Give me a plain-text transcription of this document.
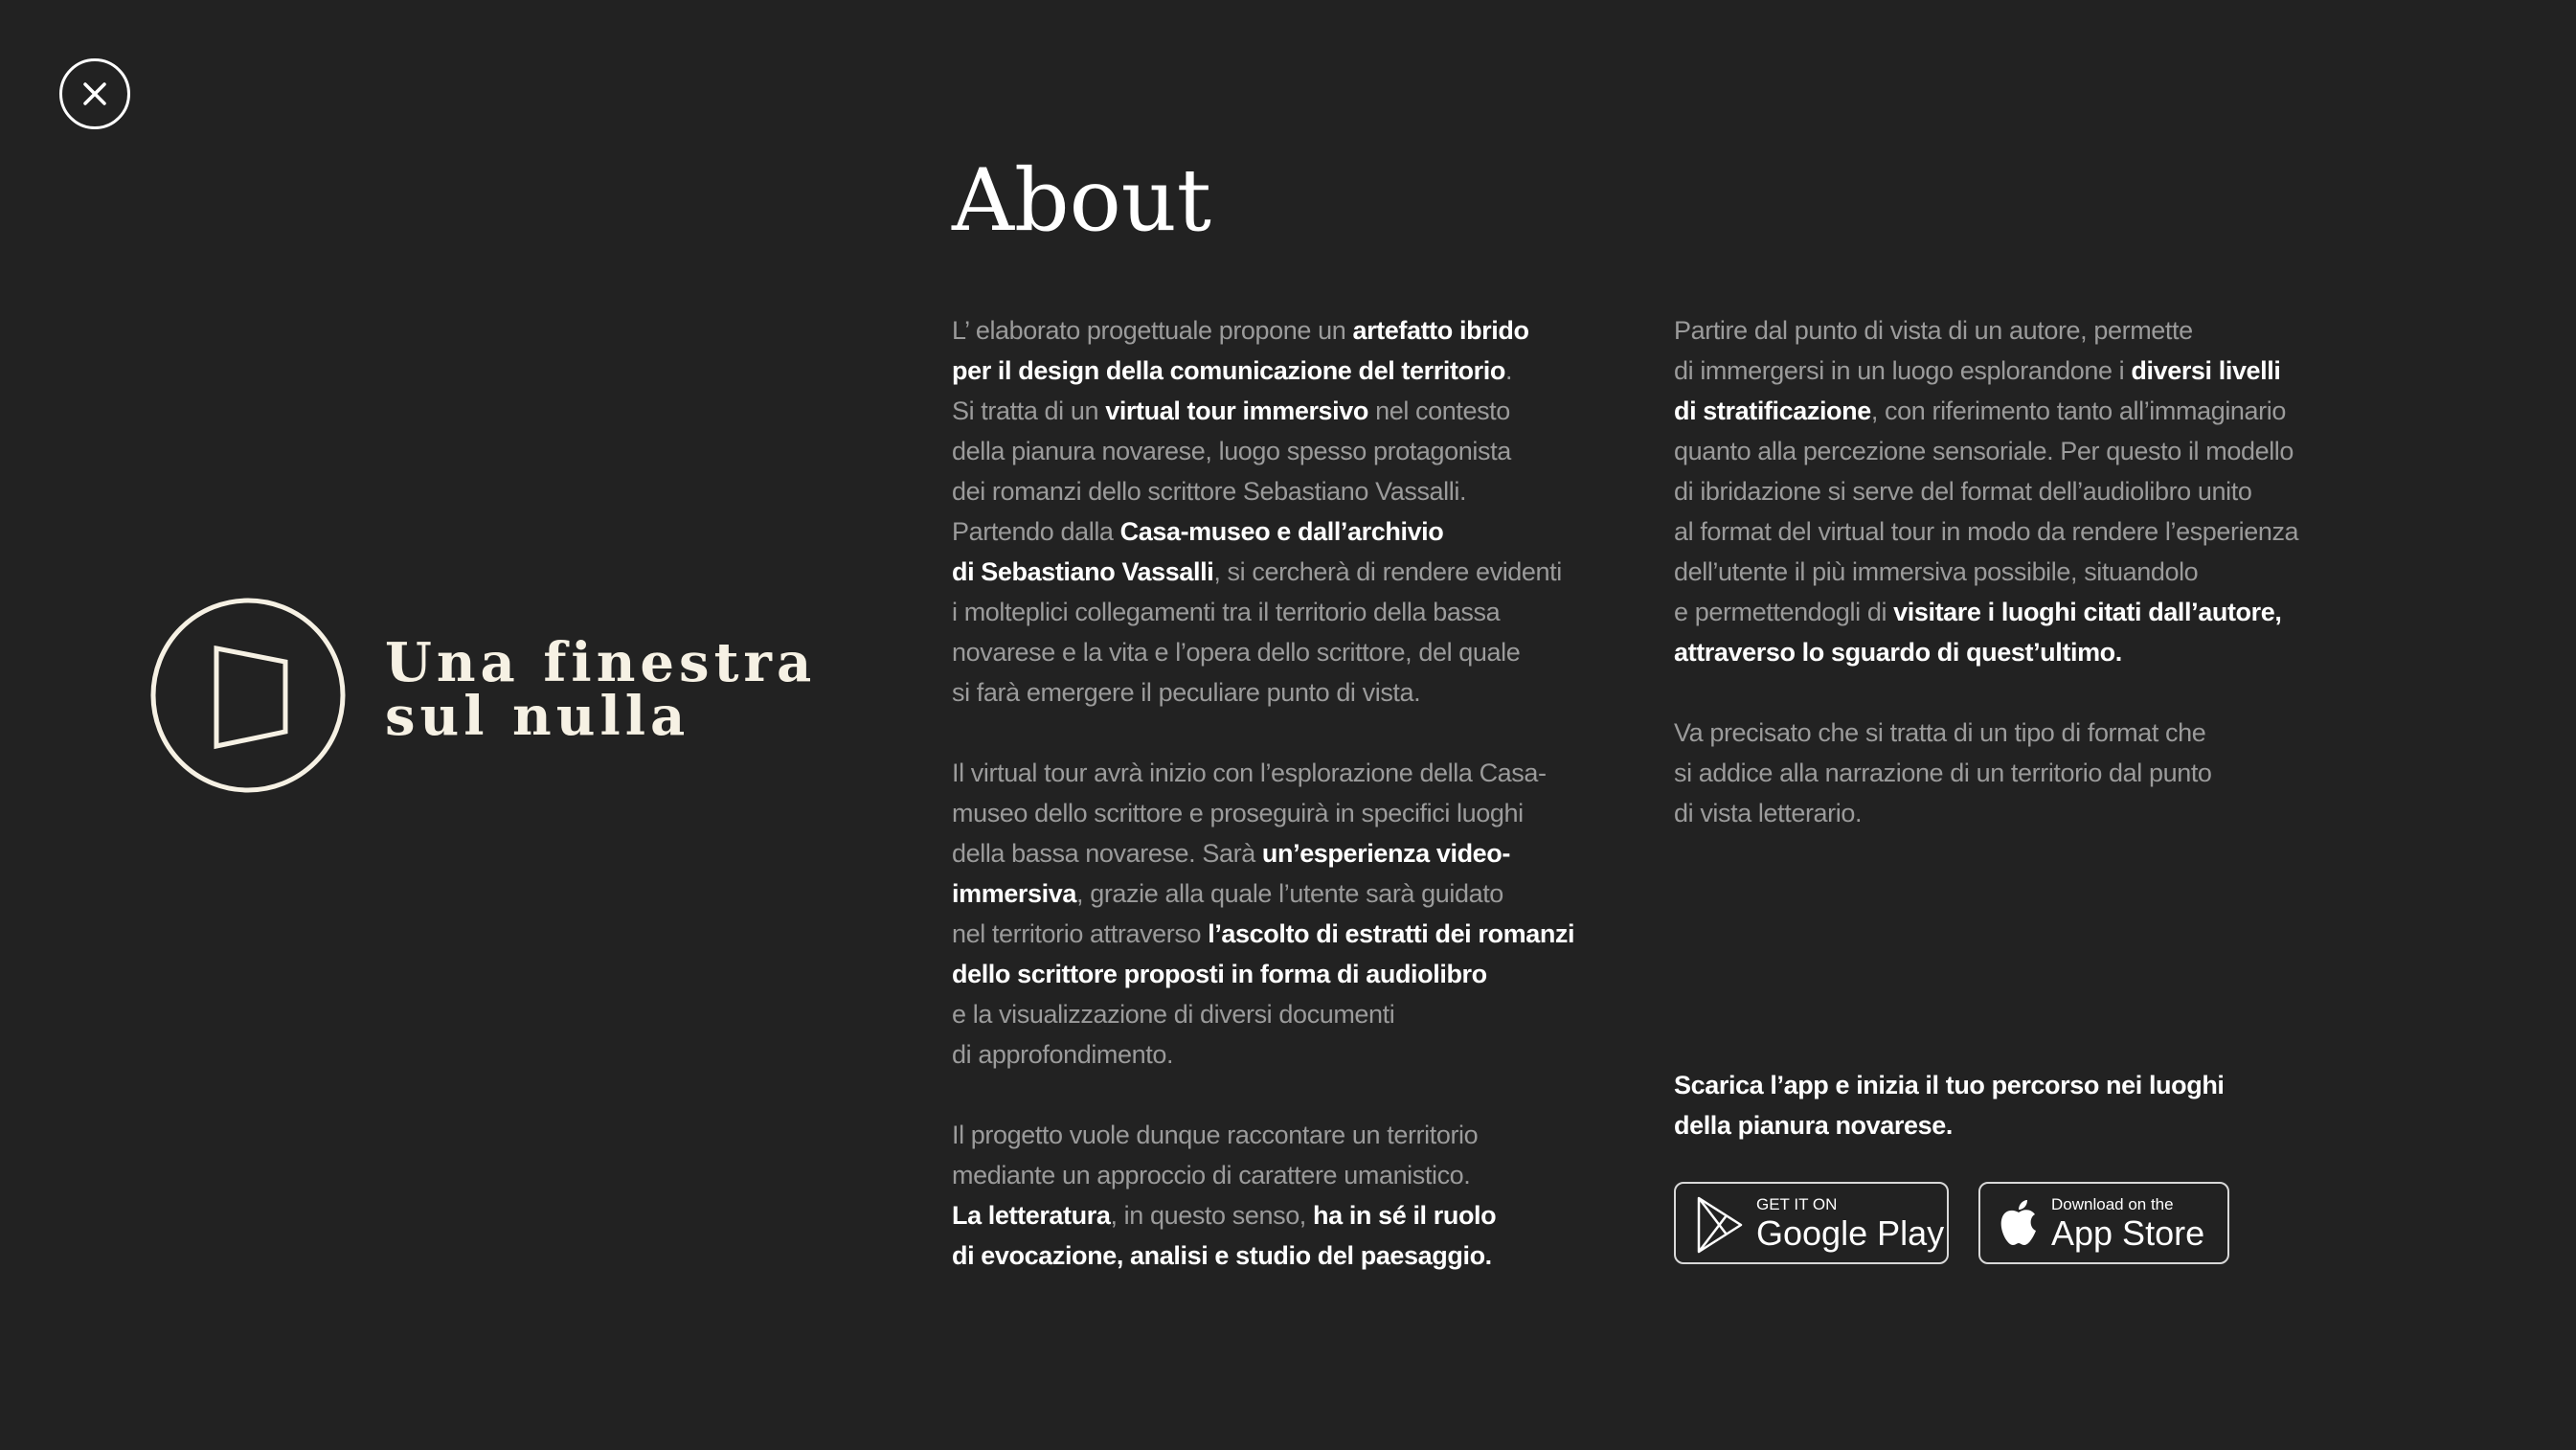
Una finestra
sul nulla
About

L’ elaborato progettuale propone un artefatto ibrido
per il design della comunicazione del territorio.
Si tratta di un virtual tour immersivo nel contesto
della pianura novarese, luogo spesso protagonista
dei romanzi dello scrittore Sebastiano Vassalli.
Partendo dalla Casa-museo e dall’archivio
di Sebastiano Vassalli, si cercherà di rendere evidenti
i molteplici collegamenti tra il territorio della bassa
novarese e la vita e l’opera dello scrittore, del quale
si farà emergere il peculiare punto di vista.

Il virtual tour avrà inizio con l’esplorazione della Casa-
museo dello scrittore e proseguirà in specifici luoghi
della bassa novarese. Sarà un’esperienza video-
immersiva, grazie alla quale l’utente sarà guidato
nel territorio attraverso l’ascolto di estratti dei romanzi
dello scrittore proposti in forma di audiolibro
e la visualizzazione di diversi documenti
di approfondimento.

Il progetto vuole dunque raccontare un territorio
mediante un approccio di carattere umanistico.
La letteratura, in questo senso, ha in sé il ruolo
di evocazione, analisi e studio del paesaggio.

Partire dal punto di vista di un autore, permette
di immergersi in un luogo esplorandone i diversi livelli
di stratificazione, con riferimento tanto all’immaginario
quanto alla percezione sensoriale. Per questo il modello
di ibridazione si serve del format dell’audiolibro unito
al format del virtual tour in modo da rendere l’esperienza
dell’utente il più immersiva possibile, situandolo
e permettendogli di visitare i luoghi citati dall’autore,
attraverso lo sguardo di quest’ultimo.

Va precisato che si tratta di un tipo di format che
si addice alla narrazione di un territorio dal punto
di vista letterario.

Scarica l’app e inizia il tuo percorso nei luoghi
della pianura novarese.

GET IT ON
Google Play
Download on the
App Store
